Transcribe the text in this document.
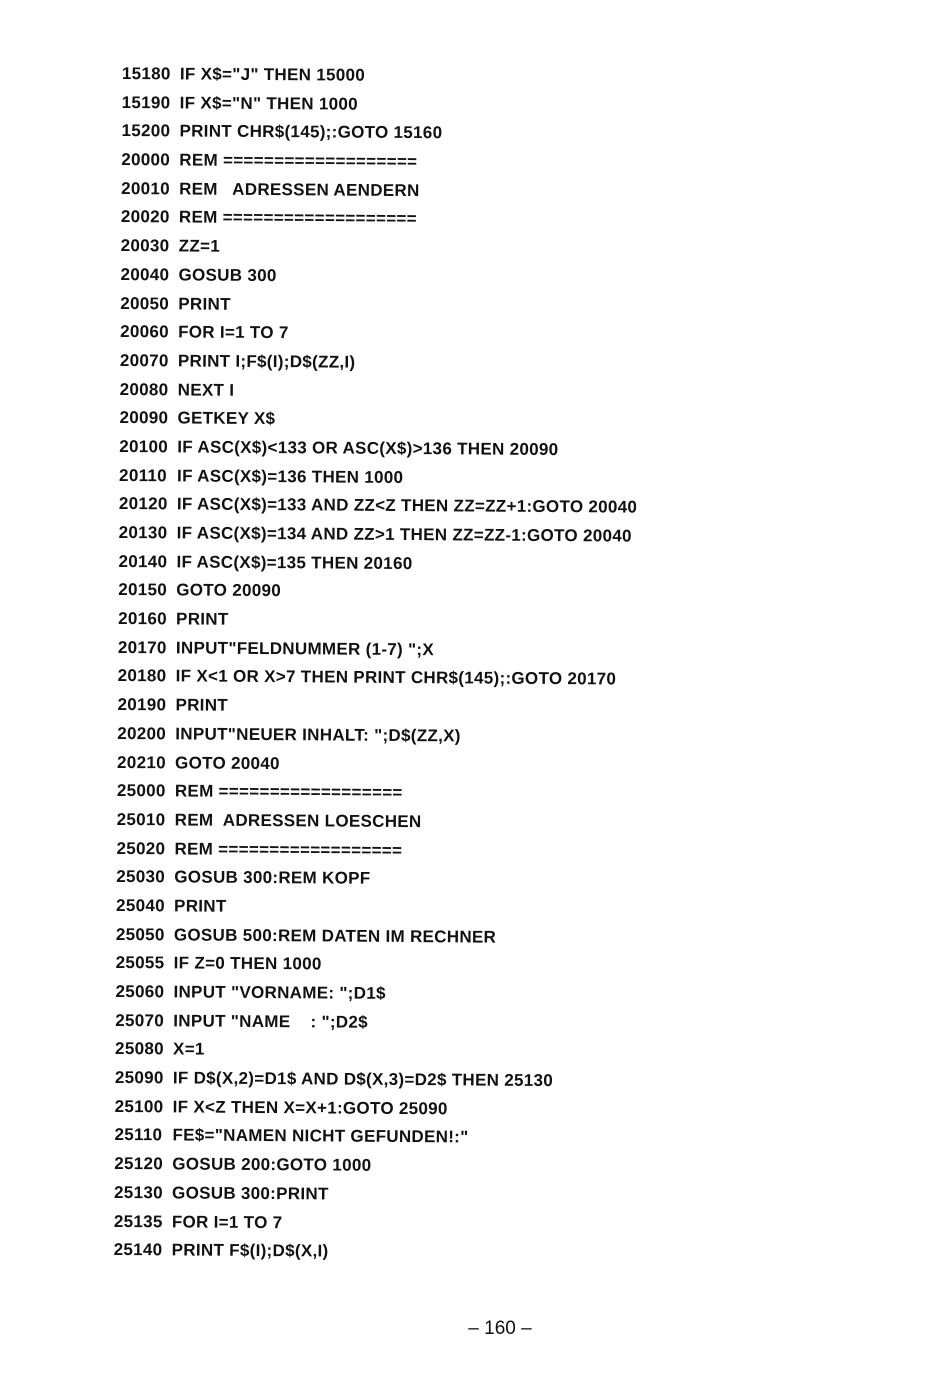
15180 IF X$="J" THEN 15000
15190 IF X$="N" THEN 1000
15200 PRINT CHR$(145);:GOTO 15160
20000 REM ===================
20010 REM   ADRESSEN AENDERN
20020 REM ===================
20030 ZZ=1
20040 GOSUB 300
20050 PRINT
20060 FOR I=1 TO 7
20070 PRINT I;F$(I);D$(ZZ,I)
20080 NEXT I
20090 GETKEY X$
20100 IF ASC(X$)<133 OR ASC(X$)>136 THEN 20090
20110 IF ASC(X$)=136 THEN 1000
20120 IF ASC(X$)=133 AND ZZ<Z THEN ZZ=ZZ+1:GOTO 20040
20130 IF ASC(X$)=134 AND ZZ>1 THEN ZZ=ZZ-1:GOTO 20040
20140 IF ASC(X$)=135 THEN 20160
20150 GOTO 20090
20160 PRINT
20170 INPUT"FELDNUMMER (1-7) ";X
20180 IF X<1 OR X>7 THEN PRINT CHR$(145);:GOTO 20170
20190 PRINT
20200 INPUT"NEUER INHALT: ";D$(ZZ,X)
20210 GOTO 20040
25000 REM ==================
25010 REM  ADRESSEN LOESCHEN
25020 REM ==================
25030 GOSUB 300:REM KOPF
25040 PRINT
25050 GOSUB 500:REM DATEN IM RECHNER
25055 IF Z=0 THEN 1000
25060 INPUT "VORNAME: ";D1$
25070 INPUT "NAME    : ";D2$
25080 X=1
25090 IF D$(X,2)=D1$ AND D$(X,3)=D2$ THEN 25130
25100 IF X<Z THEN X=X+1:GOTO 25090
25110 FE$="NAMEN NICHT GEFUNDEN!:"
25120 GOSUB 200:GOTO 1000
25130 GOSUB 300:PRINT
25135 FOR I=1 TO 7
25140 PRINT F$(I);D$(X,I)
– 160 –
